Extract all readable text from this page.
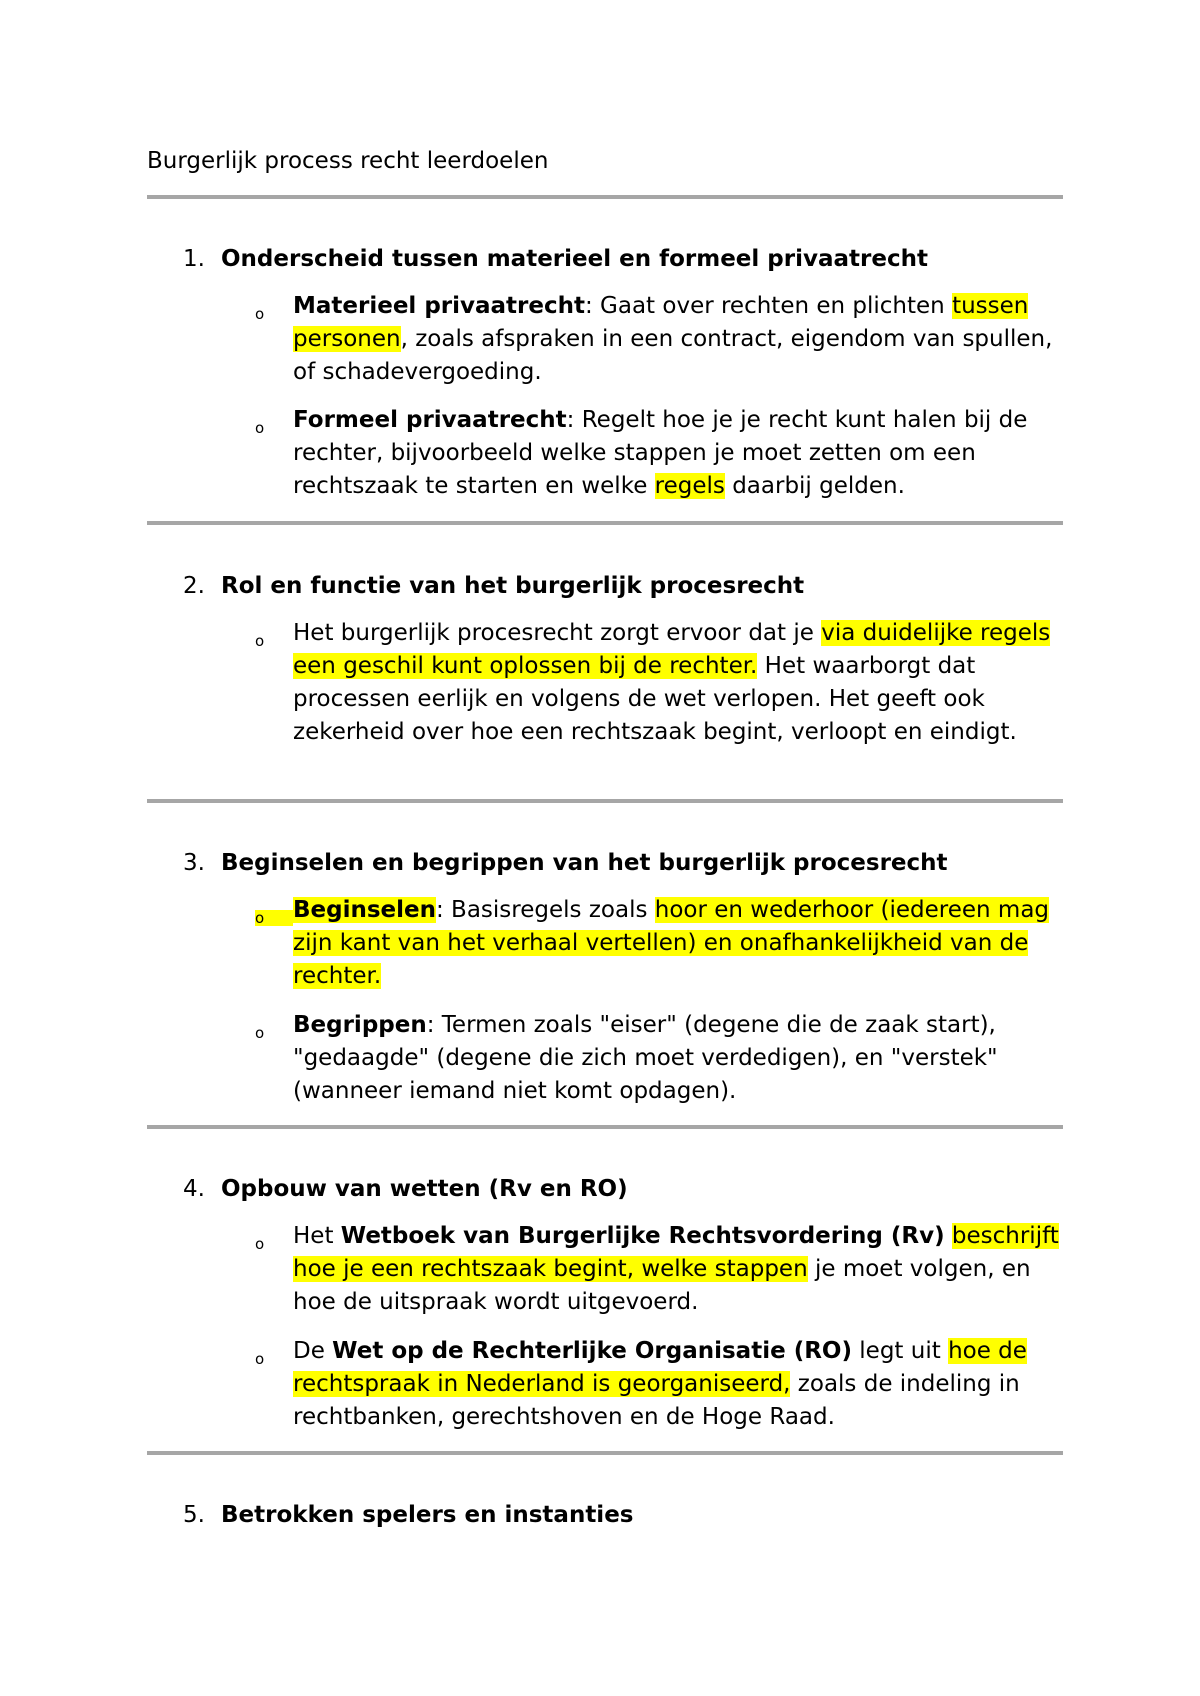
Burgerlijk process recht leerdoelen
1. Onderscheid tussen materieel en formeel privaatrecht
o	Materieel privaatrecht: Gaat over rechten en plichten tussen personen, zoals afspraken in een contract, eigendom van spullen, of schadevergoeding.
o	Formeel privaatrecht: Regelt hoe je je recht kunt halen bij de rechter, bijvoorbeeld welke stappen je moet zetten om een rechtszaak te starten en welke regels daarbij gelden.
2. Rol en functie van het burgerlijk procesrecht
o	Het burgerlijk procesrecht zorgt ervoor dat je via duidelijke regels een geschil kunt oplossen bij de rechter. Het waarborgt dat processen eerlijk en volgens de wet verlopen. Het geeft ook zekerheid over hoe een rechtszaak begint, verloopt en eindigt.
3. Beginselen en begrippen van het burgerlijk procesrecht
o	Beginselen: Basisregels zoals hoor en wederhoor (iedereen mag zijn kant van het verhaal vertellen) en onafhankelijkheid van de rechter.
o	Begrippen: Termen zoals "eiser" (degene die de zaak start), "gedaagde" (degene die zich moet verdedigen), en "verstek" (wanneer iemand niet komt opdagen).
4. Opbouw van wetten (Rv en RO)
o	Het Wetboek van Burgerlijke Rechtsvordering (Rv) beschrijft hoe je een rechtszaak begint, welke stappen je moet volgen, en hoe de uitspraak wordt uitgevoerd.
o	De Wet op de Rechterlijke Organisatie (RO) legt uit hoe de rechtspraak in Nederland is georganiseerd, zoals de indeling in rechtbanken, gerechtshoven en de Hoge Raad.
5. Betrokken spelers en instanties
